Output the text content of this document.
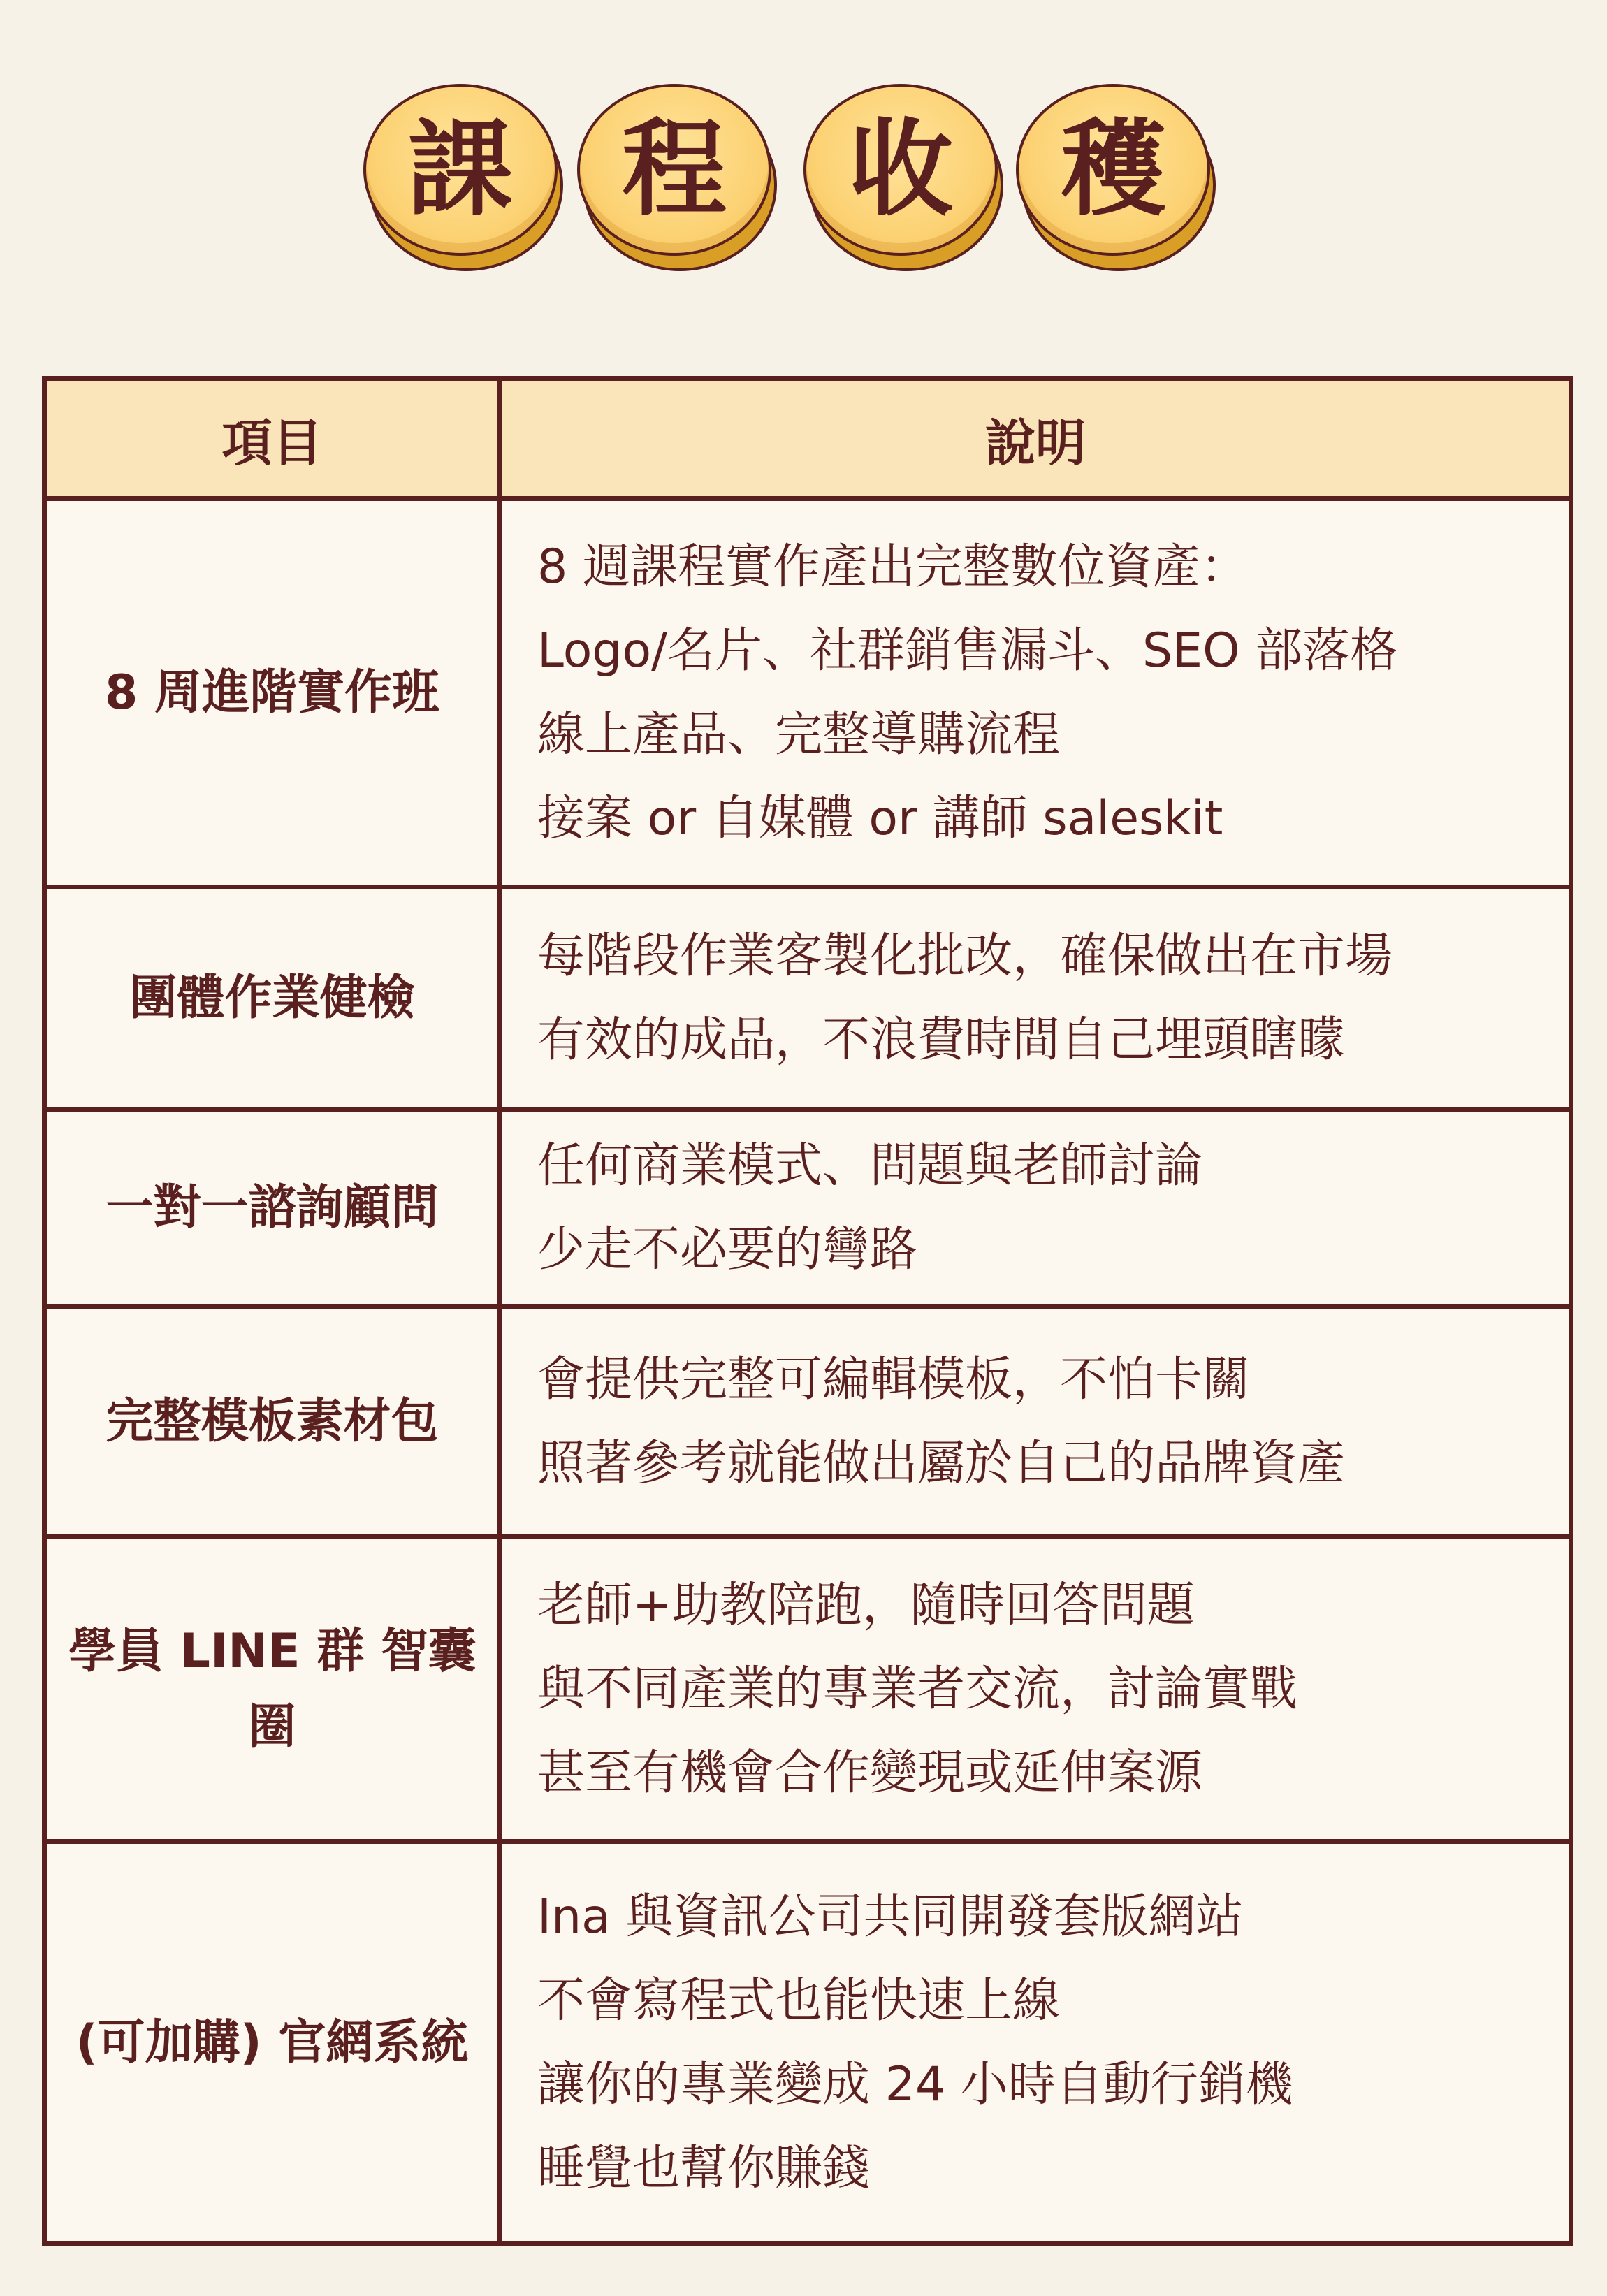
課 程 收 穫
項目	說明
8 周進階實作班	8 週課程實作產出完整數位資產：
Logo/名片、社群銷售漏斗、SEO 部落格
線上產品、完整導購流程
接案 or 自媒體 or 講師 saleskit

團體作業健檢	每階段作業客製化批改，確保做出在市場
有效的成品，不浪費時間自己埋頭瞎矇

一對一諮詢顧問	任何商業模式、問題與老師討論
少走不必要的彎路

完整模板素材包	會提供完整可編輯模板，不怕卡關
照著參考就能做出屬於自己的品牌資產

學員 LINE 群 智囊圈	老師+助教陪跑，隨時回答問題
與不同產業的專業者交流，討論實戰
甚至有機會合作變現或延伸案源

(可加購) 官網系統	Ina 與資訊公司共同開發套版網站
不會寫程式也能快速上線
讓你的專業變成 24 小時自動行銷機
睡覺也幫你賺錢
